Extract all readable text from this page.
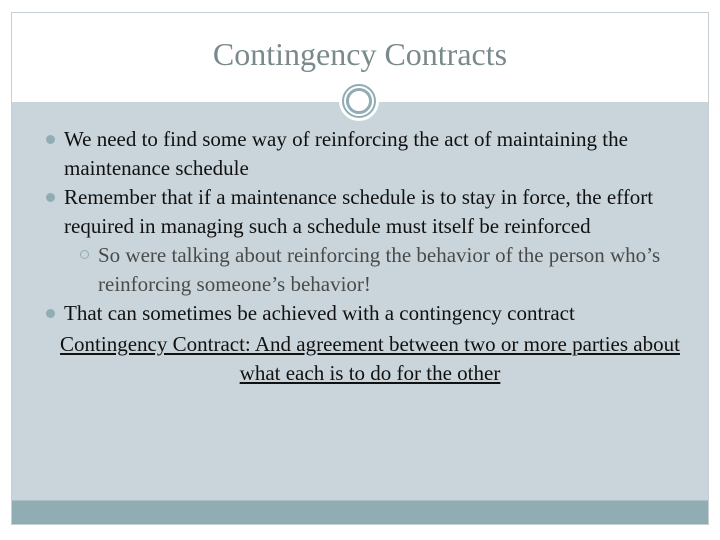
Contingency Contracts
We need to find some way of reinforcing the act of maintaining the maintenance schedule
Remember that if a maintenance schedule is to stay in force, the effort required in managing such a schedule must itself be reinforced
So were talking about reinforcing the behavior of the person who’s reinforcing someone’s behavior!
That can sometimes be achieved with a contingency contract
Contingency Contract: And agreement between two or more parties about what each is to do for the other
